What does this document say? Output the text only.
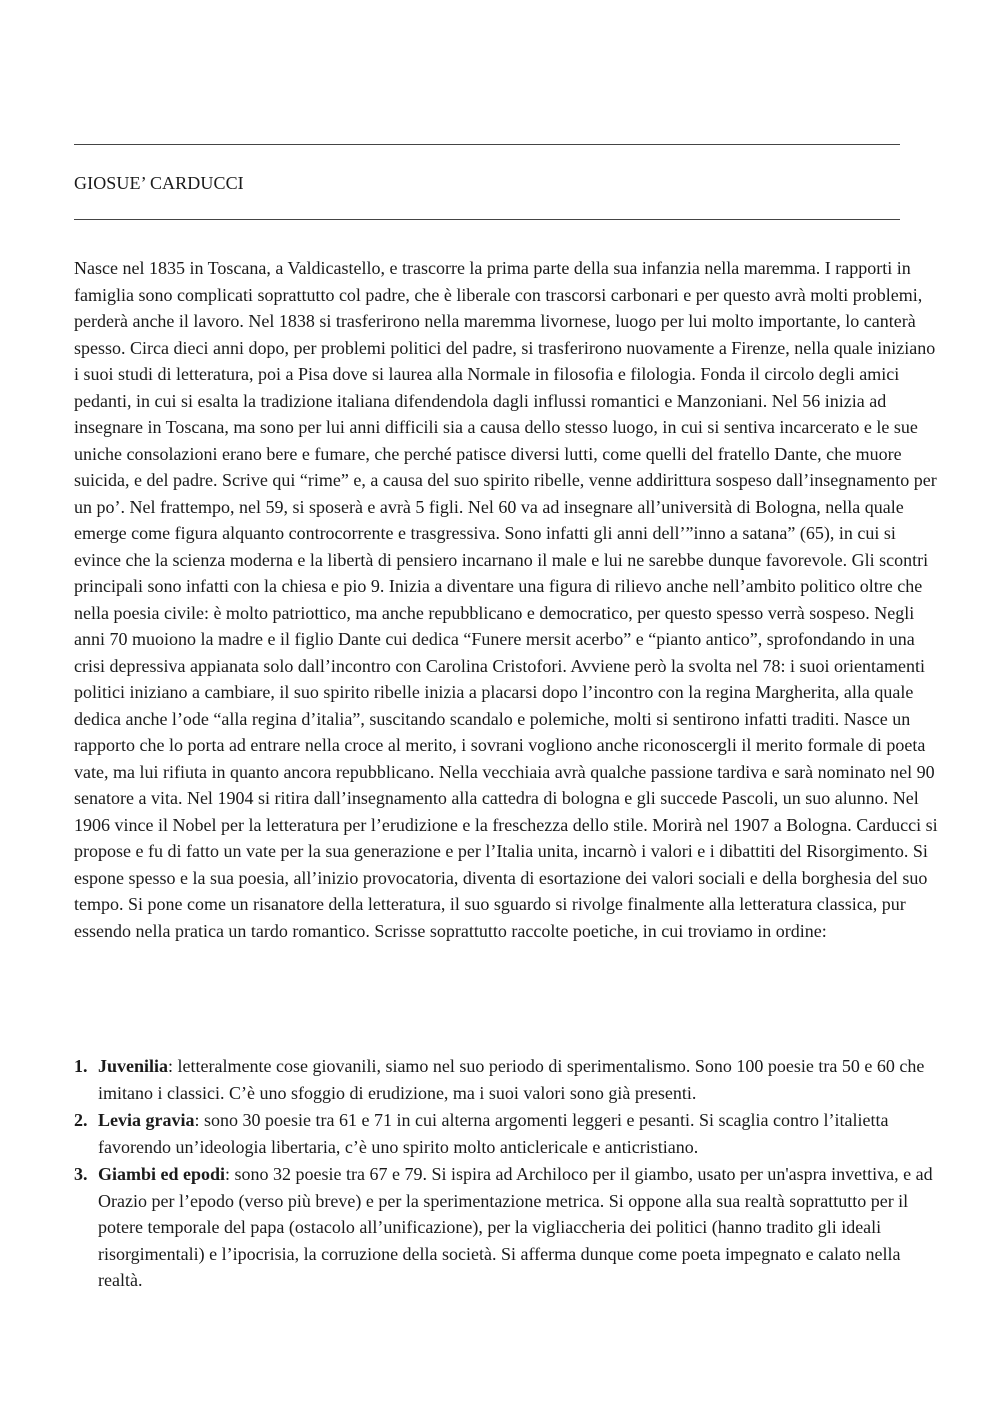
GIOSUE’ CARDUCCI

Nasce nel 1835 in Toscana, a Valdicastello, e trascorre la prima parte della sua infanzia nella maremma. I rapporti in famiglia sono complicati soprattutto col padre, che è liberale con trascorsi carbonari e per questo avrà molti problemi, perderà anche il lavoro. Nel 1838 si trasferirono nella maremma livornese, luogo per lui molto importante, lo canterà spesso. Circa dieci anni dopo, per problemi politici del padre, si trasferirono nuovamente a Firenze, nella quale iniziano i suoi studi di letteratura, poi a Pisa dove si laurea alla Normale in filosofia e filologia. Fonda il circolo degli amici pedanti, in cui si esalta la tradizione italiana difendendola dagli influssi romantici e Manzoniani. Nel 56 inizia ad insegnare in Toscana, ma sono per lui anni difficili sia a causa dello stesso luogo, in cui si sentiva incarcerato e le sue uniche consolazioni erano bere e fumare, che perché patisce diversi lutti, come quelli del fratello Dante, che muore suicida, e del padre. Scrive qui “rime” e, a causa del suo spirito ribelle, venne addirittura sospeso dall’insegnamento per un po’. Nel frattempo, nel 59, si sposerà e avrà 5 figli. Nel 60 va ad insegnare all’università di Bologna, nella quale emerge come figura alquanto controcorrente e trasgressiva. Sono infatti gli anni dell’”inno a satana” (65), in cui si evince che la scienza moderna e la libertà di pensiero incarnano il male e lui ne sarebbe dunque favorevole. Gli scontri principali sono infatti con la chiesa e pio 9. Inizia a diventare una figura di rilievo anche nell’ambito politico oltre che nella poesia civile: è molto patriottico, ma anche repubblicano e democratico, per questo spesso verrà sospeso. Negli anni 70 muoiono la madre e il figlio Dante cui dedica “Funere mersit acerbo” e “pianto antico”, sprofondando in una crisi depressiva appianata solo dall’incontro con Carolina Cristofori. Avviene però la svolta nel 78: i suoi orientamenti politici iniziano a cambiare, il suo spirito ribelle inizia a placarsi dopo l’incontro con la regina Margherita, alla quale dedica anche l’ode “alla regina d’italia”, suscitando scandalo e polemiche, molti si sentirono infatti traditi. Nasce un rapporto che lo porta ad entrare nella croce al merito, i sovrani vogliono anche riconoscergli il merito formale di poeta vate, ma lui rifiuta in quanto ancora repubblicano. Nella vecchiaia avrà qualche passione tardiva e sarà nominato nel 90 senatore a vita. Nel 1904 si ritira dall’insegnamento alla cattedra di bologna e gli succede Pascoli, un suo alunno. Nel 1906 vince il Nobel per la letteratura per l’erudizione e la freschezza dello stile. Morirà nel 1907 a Bologna. Carducci si propose e fu di fatto un vate per la sua generazione e per l’Italia unita, incarnò i valori e i dibattiti del Risorgimento. Si espone spesso e la sua poesia, all’inizio provocatoria, diventa di esortazione dei valori sociali e della borghesia del suo tempo. Si pone come un risanatore della letteratura, il suo sguardo si rivolge finalmente alla letteratura classica, pur essendo nella pratica un tardo romantico. Scrisse soprattutto raccolte poetiche, in cui troviamo in ordine:

1. Juvenilia: letteralmente cose giovanili, siamo nel suo periodo di sperimentalismo. Sono 100 poesie tra 50 e 60 che imitano i classici. C’è uno sfoggio di erudizione, ma i suoi valori sono già presenti.
2. Levia gravia: sono 30 poesie tra 61 e 71 in cui alterna argomenti leggeri e pesanti. Si scaglia contro l’italietta favorendo un’ideologia libertaria, c’è uno spirito molto anticlericale e anticristiano.
3. Giambi ed epodi: sono 32 poesie tra 67 e 79. Si ispira ad Archiloco per il giambo, usato per un'aspra invettiva, e ad Orazio per l’epodo (verso più breve) e per la sperimentazione metrica. Si oppone alla sua realtà soprattutto per il potere temporale del papa (ostacolo all’unificazione), per la vigliaccheria dei politici (hanno tradito gli ideali risorgimentali) e l’ipocrisia, la corruzione della società. Si afferma dunque come poeta impegnato e calato nella realtà.
